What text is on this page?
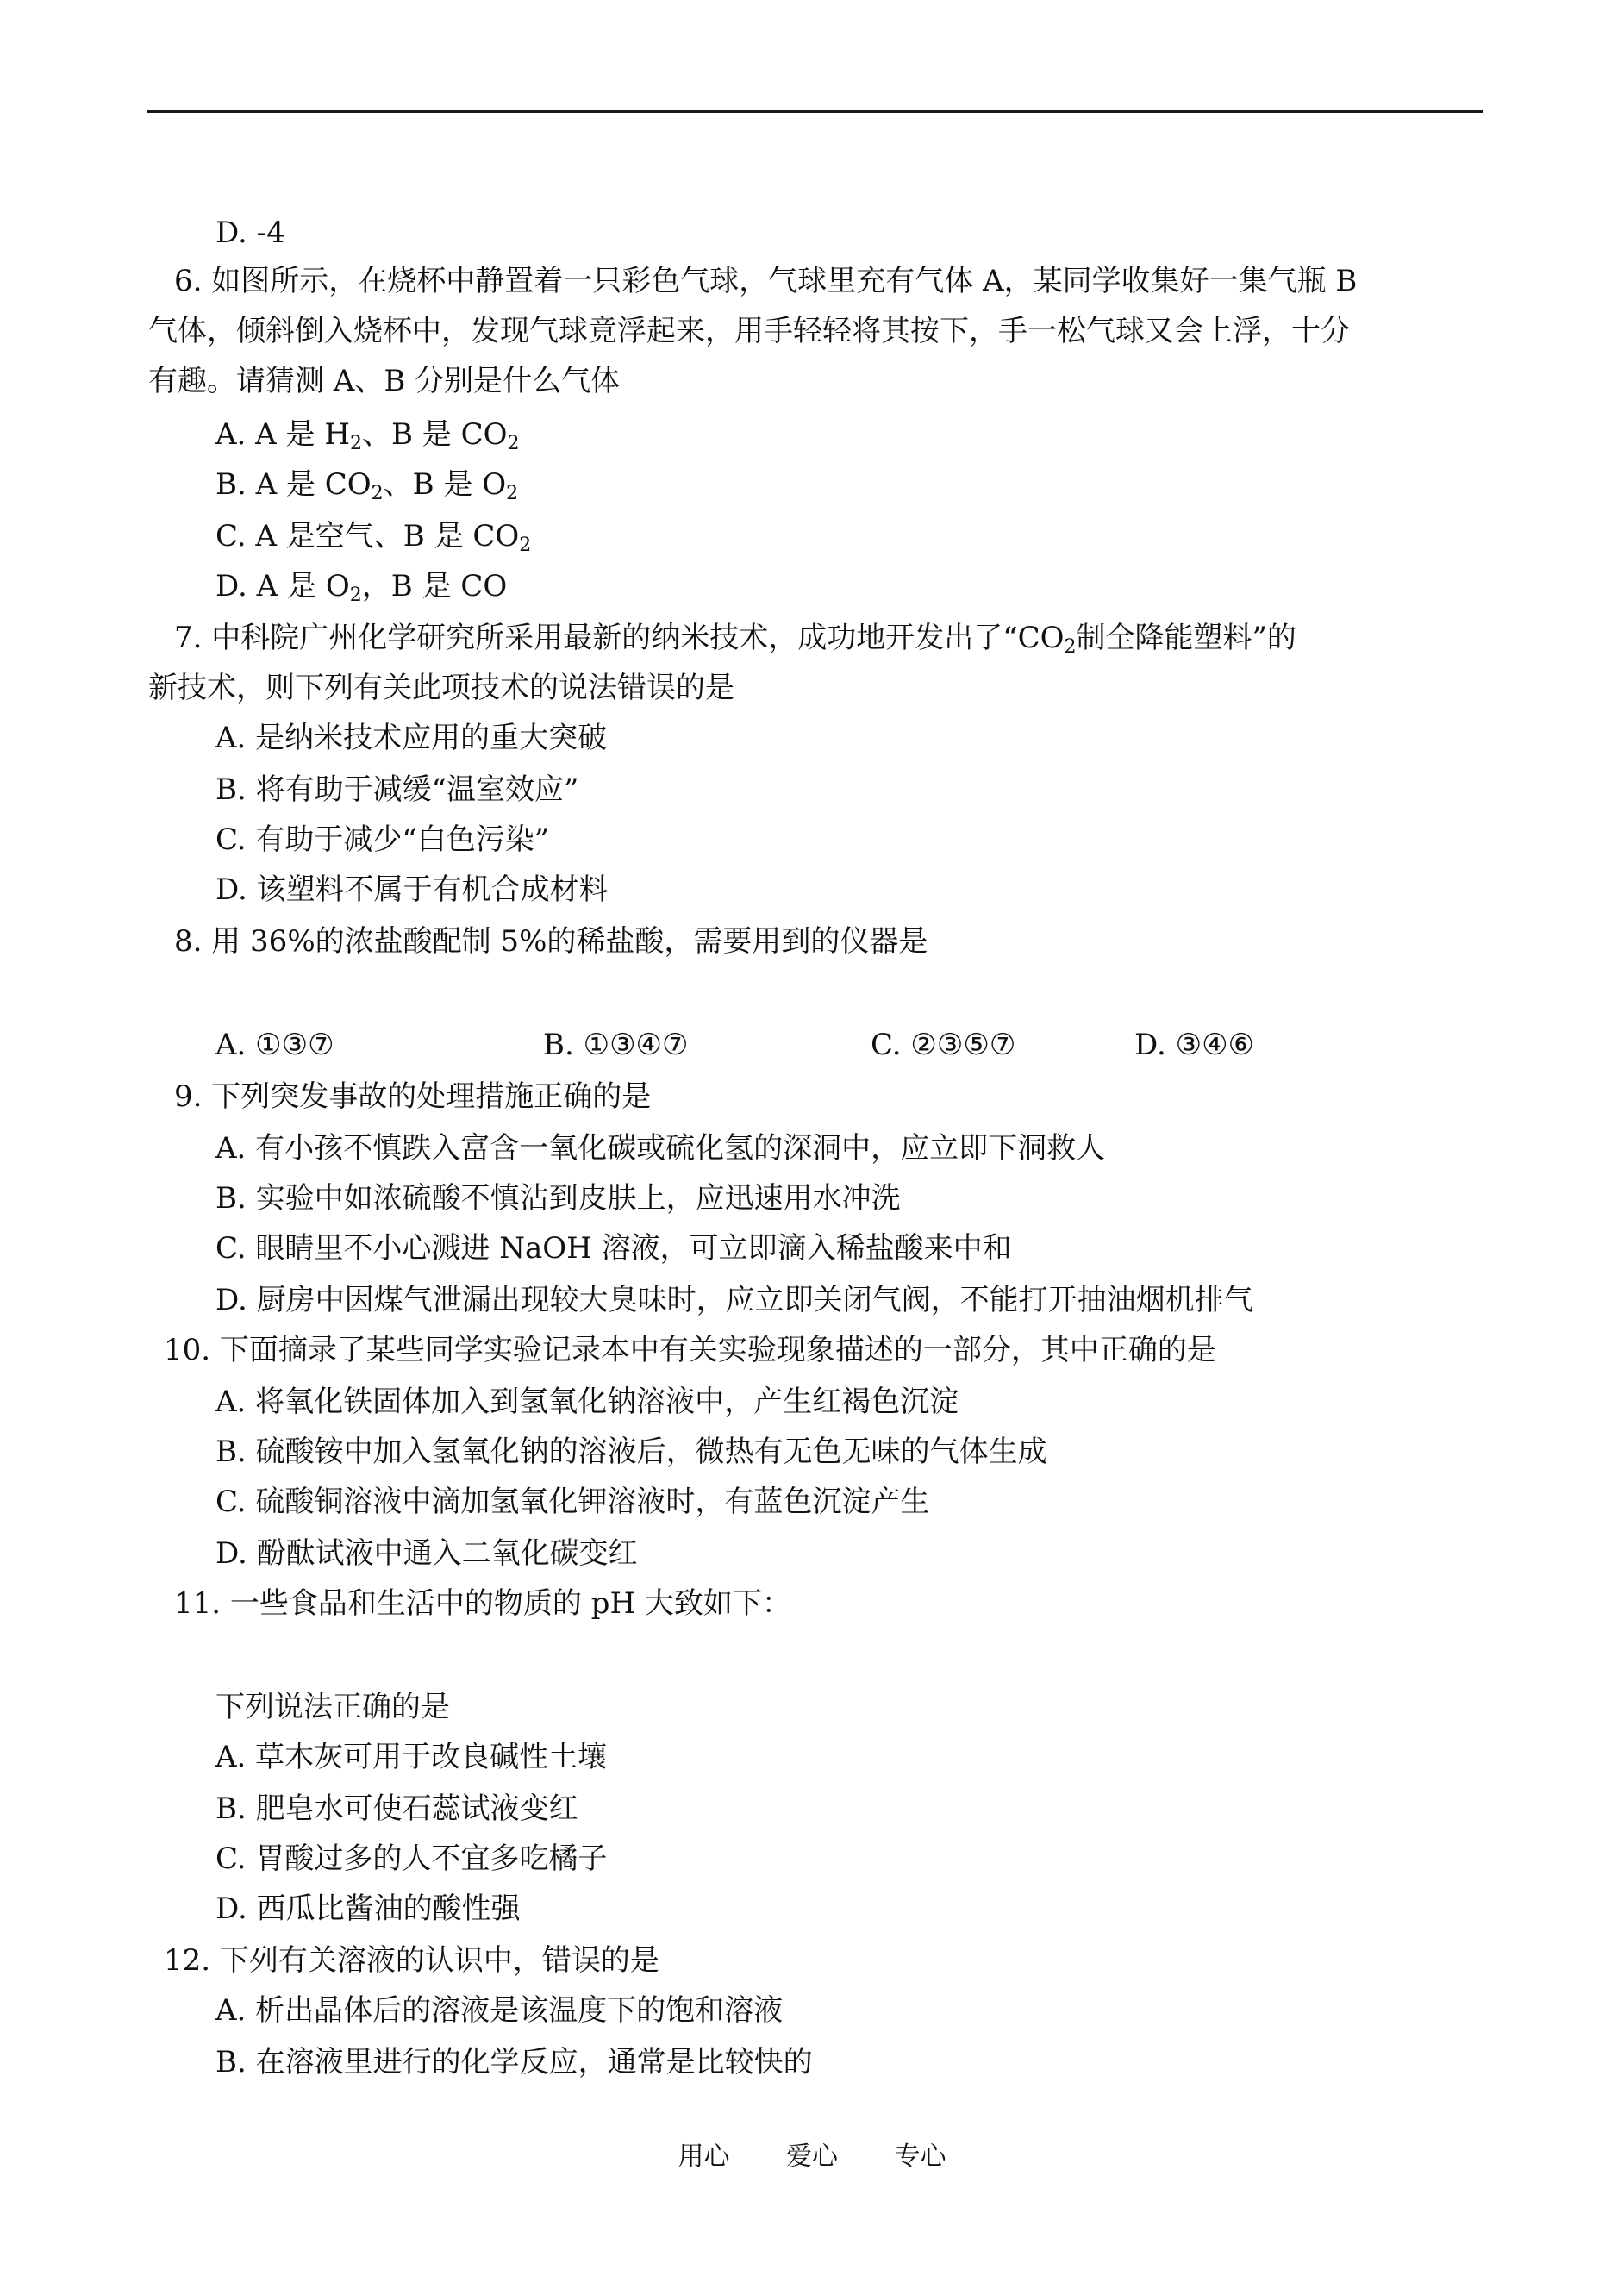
D. -4
6. 如图所示，在烧杯中静置着一只彩色气球，气球里充有气体 A，某同学收集好一集气瓶 B
气体，倾斜倒入烧杯中，发现气球竟浮起来，用手轻轻将其按下，手一松气球又会上浮，十分
有趣。请猜测 A、B 分别是什么气体
A. A 是 $H_2$、B 是 $CO_2$
B. A 是 $CO_2$、B 是 $O_2$
C. A 是空气、B 是 $CO_2$
D. A 是 $O_2$，B 是 CO
7. 中科院广州化学研究所采用最新的纳米技术，成功地开发出了“$CO_2$制全降能塑料”的
新技术，则下列有关此项技术的说法错误的是
A. 是纳米技术应用的重大突破
B. 将有助于减缓“温室效应”
C. 有助于减少“白色污染”
D. 该塑料不属于有机合成材料
8. 用 36%的浓盐酸配制 5%的稀盐酸，需要用到的仪器是
A. ①③⑦	B. ①③④⑦	C. ②③⑤⑦	D. ③④⑥
9. 下列突发事故的处理措施正确的是
A. 有小孩不慎跌入富含一氧化碳或硫化氢的深洞中，应立即下洞救人
B. 实验中如浓硫酸不慎沾到皮肤上，应迅速用水冲洗
C. 眼睛里不小心溅进 NaOH 溶液，可立即滴入稀盐酸来中和
D. 厨房中因煤气泄漏出现较大臭味时，应立即关闭气阀，不能打开抽油烟机排气
10. 下面摘录了某些同学实验记录本中有关实验现象描述的一部分，其中正确的是
A. 将氧化铁固体加入到氢氧化钠溶液中，产生红褐色沉淀
B. 硫酸铵中加入氢氧化钠的溶液后，微热有无色无味的气体生成
C. 硫酸铜溶液中滴加氢氧化钾溶液时，有蓝色沉淀产生
D. 酚酞试液中通入二氧化碳变红
11. 一些食品和生活中的物质的 pH 大致如下：
下列说法正确的是
A. 草木灰可用于改良碱性土壤
B. 肥皂水可使石蕊试液变红
C. 胃酸过多的人不宜多吃橘子
D. 西瓜比酱油的酸性强
12. 下列有关溶液的认识中，错误的是
A. 析出晶体后的溶液是该温度下的饱和溶液
B. 在溶液里进行的化学反应，通常是比较快的
用心 爱心 专心
